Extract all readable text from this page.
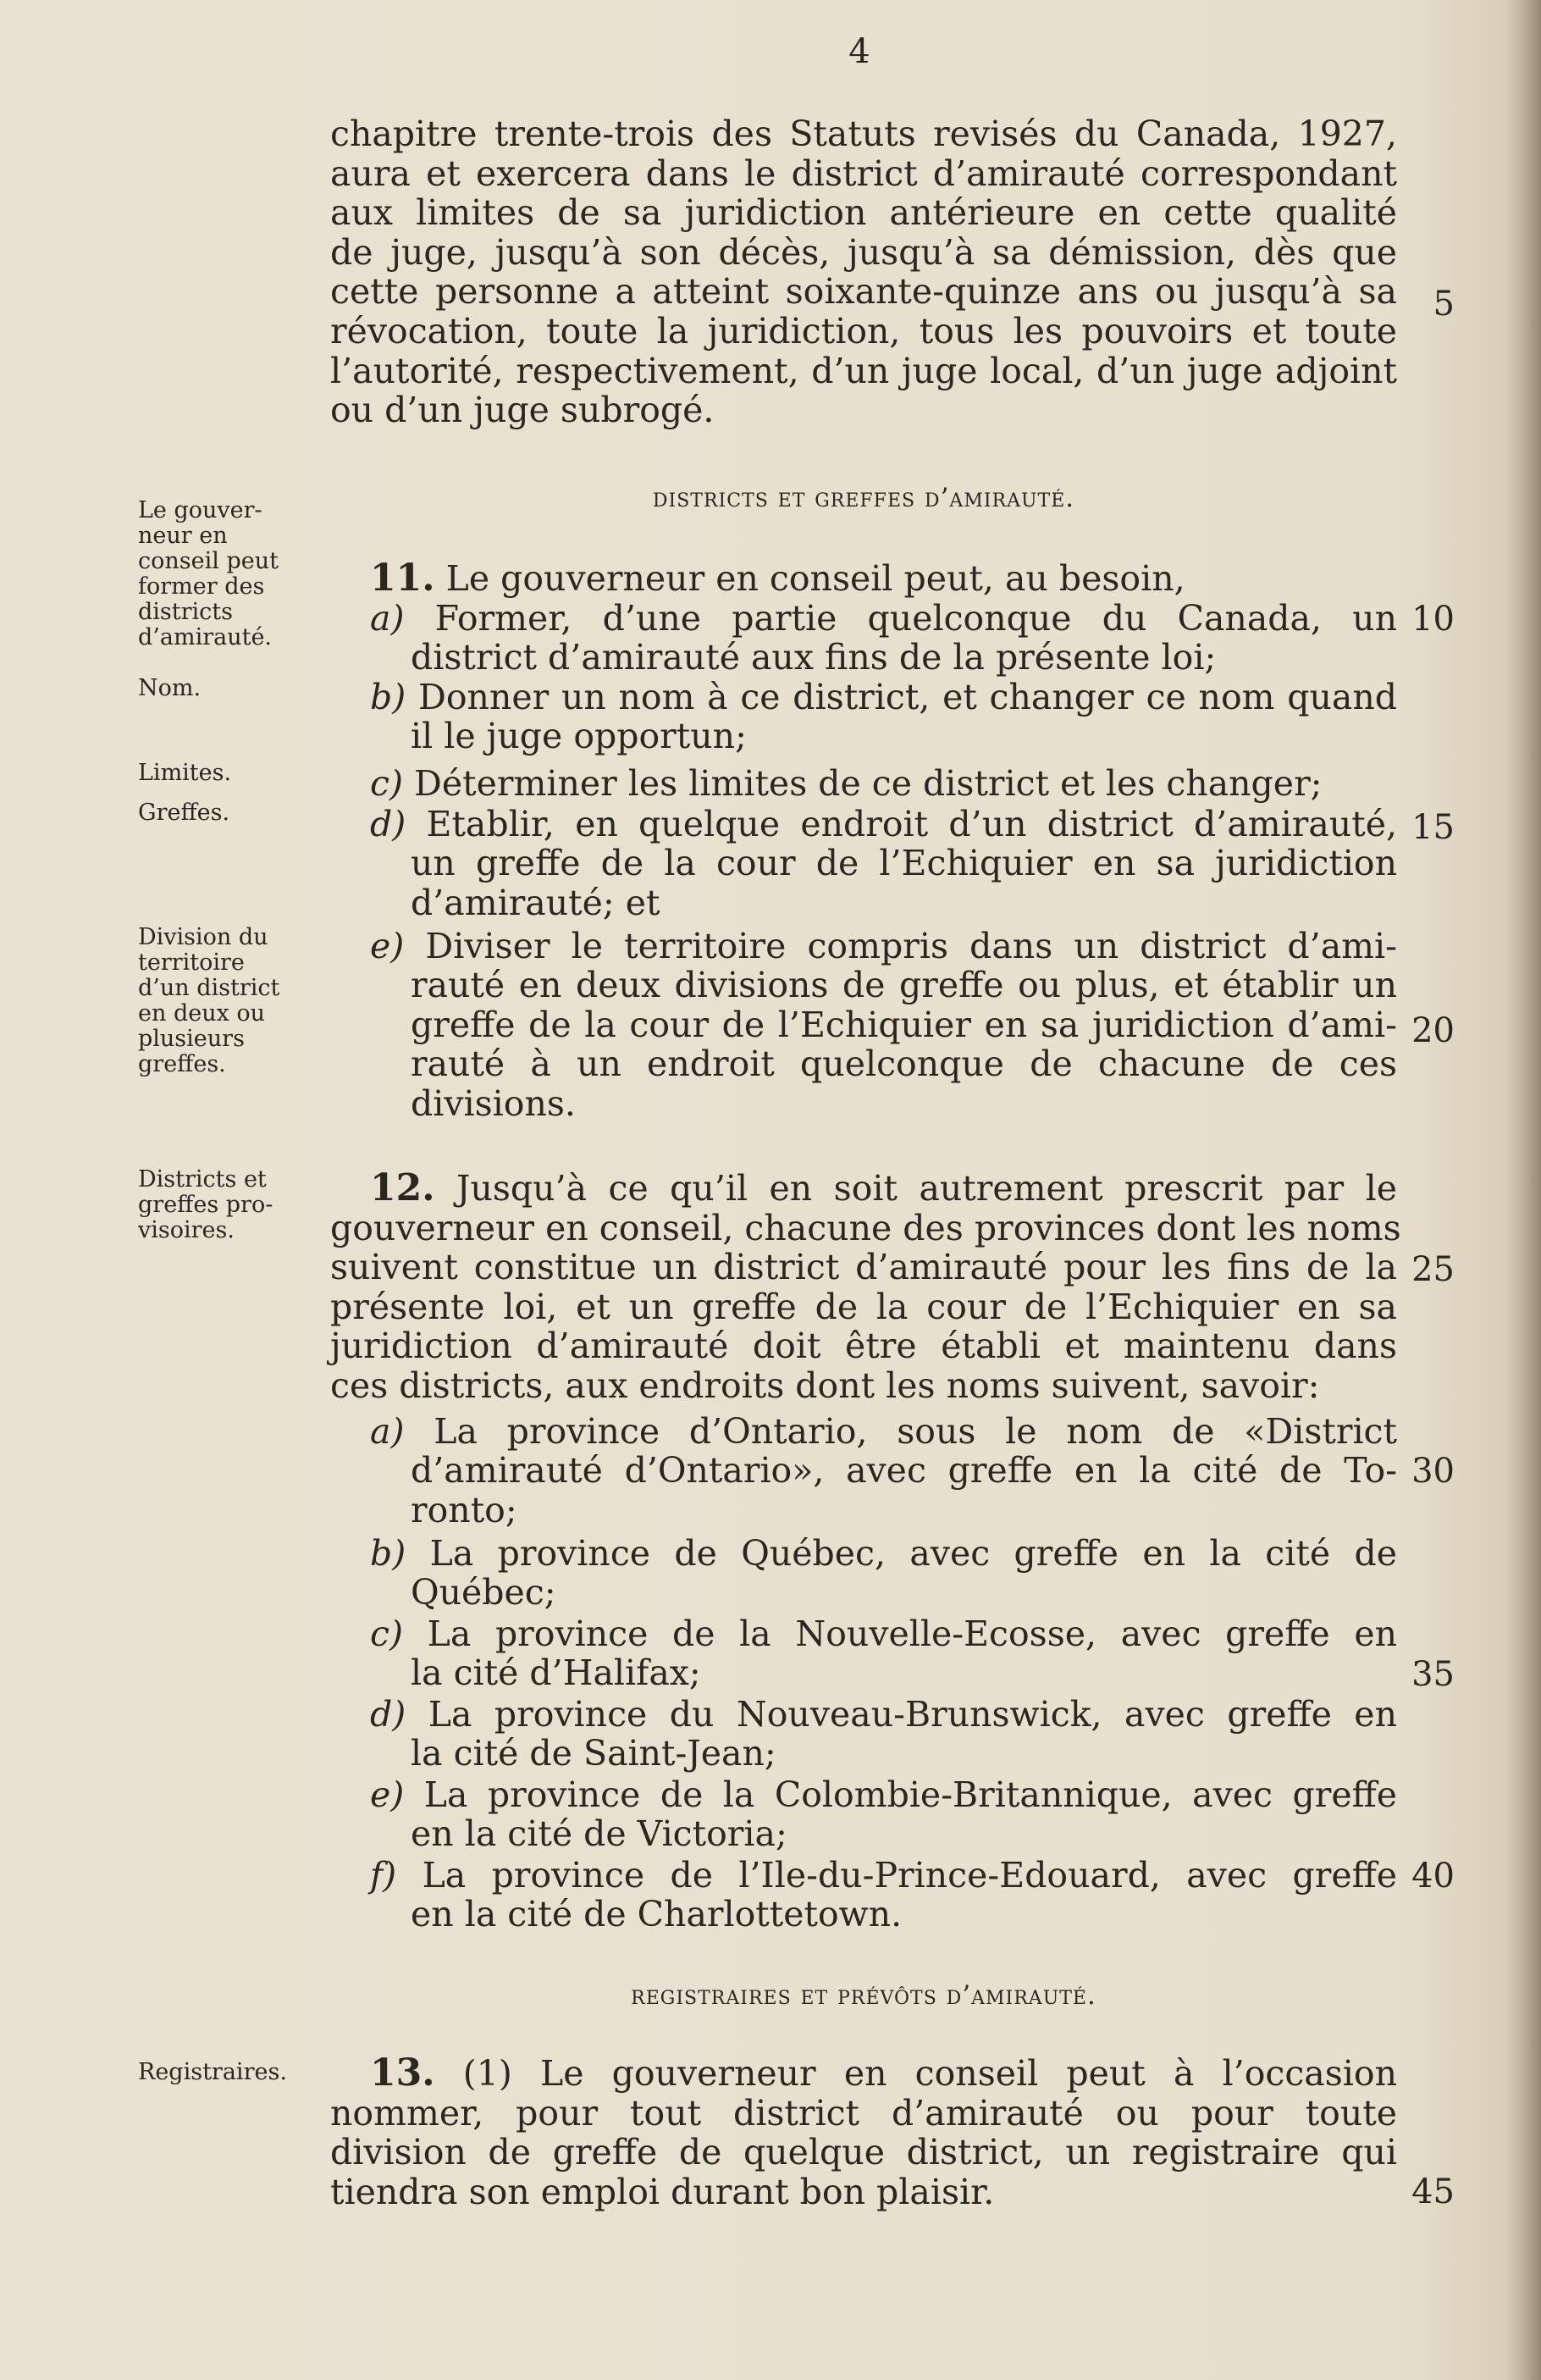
4
chapitre trente-trois des Statuts revisés du Canada, 1927,
aura et exercera dans le district d’amirauté correspondant
aux limites de sa juridiction antérieure en cette qualité
de juge, jusqu’à son décès, jusqu’à sa démission, dès que
cette personne a atteint soixante-quinze ans ou jusqu’à sa
révocation, toute la juridiction, tous les pouvoirs et toute
l’autorité, respectivement, d’un juge local, d’un juge adjoint
ou d’un juge subrogé.
5
districts et greffes d’amirauté.
Le gouver-
neur en
conseil peut
former des
districts
d’amirauté.
Nom.
Limites.
Greffes.
Division du
territoire
d’un district
en deux ou
plusieurs
greffes.
Districts et
greffes pro-
visoires.
Registraires.
11. Le gouverneur en conseil peut, au besoin,
a) Former, d’une partie quelconque du Canada, un
district d’amirauté aux fins de la présente loi;
b) Donner un nom à ce district, et changer ce nom quand
il le juge opportun;
c) Déterminer les limites de ce district et les changer;
d) Etablir, en quelque endroit d’un district d’amirauté,
un greffe de la cour de l’Echiquier en sa juridiction
d’amirauté; et
e) Diviser le territoire compris dans un district d’ami-
rauté en deux divisions de greffe ou plus, et établir un
greffe de la cour de l’Echiquier en sa juridiction d’ami-
rauté à un endroit quelconque de chacune de ces
divisions.
10
15
20
12. Jusqu’à ce qu’il en soit autrement prescrit par le
gouverneur en conseil, chacune des provinces dont les noms
suivent constitue un district d’amirauté pour les fins de la
présente loi, et un greffe de la cour de l’Echiquier en sa
juridiction d’amirauté doit être établi et maintenu dans
ces districts, aux endroits dont les noms suivent, savoir:
a) La province d’Ontario, sous le nom de «District
d’amirauté d’Ontario», avec greffe en la cité de To-
ronto;
b) La province de Québec, avec greffe en la cité de
Québec;
c) La province de la Nouvelle-Ecosse, avec greffe en
la cité d’Halifax;
d) La province du Nouveau-Brunswick, avec greffe en
la cité de Saint-Jean;
e) La province de la Colombie-Britannique, avec greffe
en la cité de Victoria;
f) La province de l’Ile-du-Prince-Edouard, avec greffe
en la cité de Charlottetown.
25
30
35
40
registraires et prévôts d’amirauté.
13. (1) Le gouverneur en conseil peut à l’occasion
nommer, pour tout district d’amirauté ou pour toute
division de greffe de quelque district, un registraire qui
tiendra son emploi durant bon plaisir.	45
